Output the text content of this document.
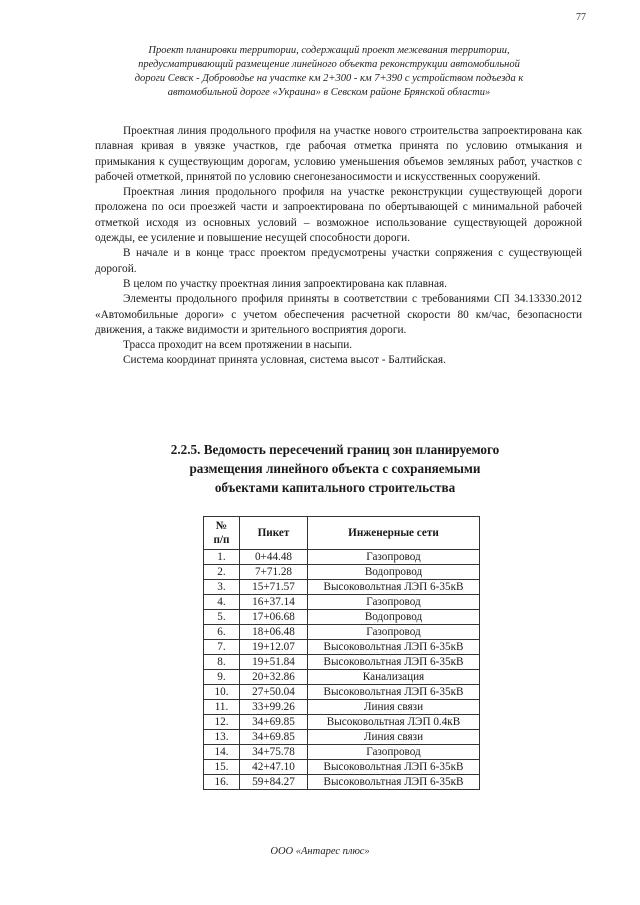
77
Проект планировки территории, содержащий проект межевания территории,
предусматривающий размещение линейного объекта реконструкции автомобильной
дороги Севск - Доброводье на участке км 2+300 - км 7+390 с устройством подъезда к
автомобильной дороге «Украина» в Севском районе Брянской области»

Проектная линия продольного профиля на участке нового строительства запроектирована как плавная кривая в увязке участков, где рабочая отметка принята по условию отмыкания и примыкания к существующим дорогам, условию уменьшения объемов земляных работ, участков с рабочей отметкой, принятой по условию снегонезаносимости и искусственных сооружений.

Проектная линия продольного профиля на участке реконструкции существующей дороги проложена по оси проезжей части и запроектирована по обертывающей с минимальной рабочей отметкой исходя из основных условий – возможное использование существующей дорожной одежды, ее усиление и повышение несущей способности дороги.

В начале и в конце трасс проектом предусмотрены участки сопряжения с существующей дорогой.

В целом по участку проектная линия запроектирована как плавная.

Элементы продольного профиля приняты в соответствии с требованиями СП 34.13330.2012 «Автомобильные дороги» с учетом обеспечения расчетной скорости 80 км/час, безопасности движения, а также видимости и зрительного восприятия дороги.

Трасса проходит на всем протяжении в насыпи.

Система координат принята условная, система высот - Балтийская.

2.2.5. Ведомость пересечений границ зон планируемого размещения линейного объекта с сохраняемыми объектами капитального строительства
№
п/п	Пикет	Инженерные сети
1.	0+44.48	Газопровод
2.	7+71.28	Водопровод
3.	15+71.57	Высоковольтная ЛЭП 6-35кВ
4.	16+37.14	Газопровод
5.	17+06.68	Водопровод
6.	18+06.48	Газопровод
7.	19+12.07	Высоковольтная ЛЭП 6-35кВ
8.	19+51.84	Высоковольтная ЛЭП 6-35кВ
9.	20+32.86	Канализация
10.	27+50.04	Высоковольтная ЛЭП 6-35кВ
11.	33+99.26	Линия связи
12.	34+69.85	Высоковольтная ЛЭП 0.4кВ
13.	34+69.85	Линия связи
14.	34+75.78	Газопровод
15.	42+47.10	Высоковольтная ЛЭП 6-35кВ
16.	59+84.27	Высоковольтная ЛЭП 6-35кВ
ООО «Антарес плюс»
